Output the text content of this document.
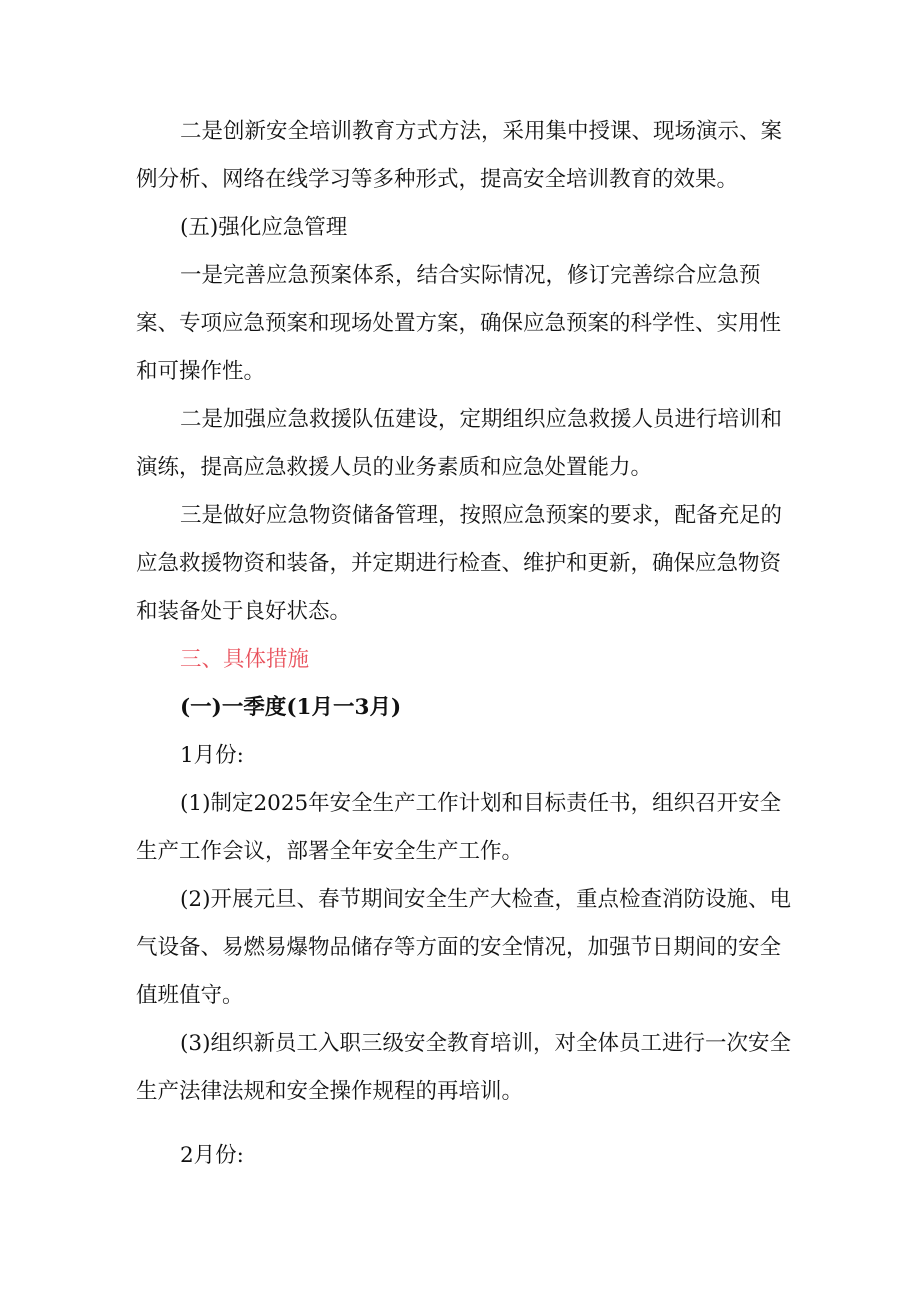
二是创新安全培训教育方式方法，采用集中授课、现场演示、案例分析、网络在线学习等多种形式，提高安全培训教育的效果。

(五)强化应急管理

一是完善应急预案体系，结合实际情况，修订完善综合应急预案、专项应急预案和现场处置方案，确保应急预案的科学性、实用性和可操作性。

二是加强应急救援队伍建设，定期组织应急救援人员进行培训和演练，提高应急救援人员的业务素质和应急处置能力。

三是做好应急物资储备管理，按照应急预案的要求，配备充足的应急救援物资和装备，并定期进行检查、维护和更新，确保应急物资和装备处于良好状态。

三、具体措施

(一)一季度(1月一3月)

1月份:

(1)制定2025年安全生产工作计划和目标责任书，组织召开安全生产工作会议，部署全年安全生产工作。

(2)开展元旦、春节期间安全生产大检查，重点检查消防设施、电气设备、易燃易爆物品储存等方面的安全情况，加强节日期间的安全值班值守。

(3)组织新员工入职三级安全教育培训，对全体员工进行一次安全生产法律法规和安全操作规程的再培训。

2月份:
